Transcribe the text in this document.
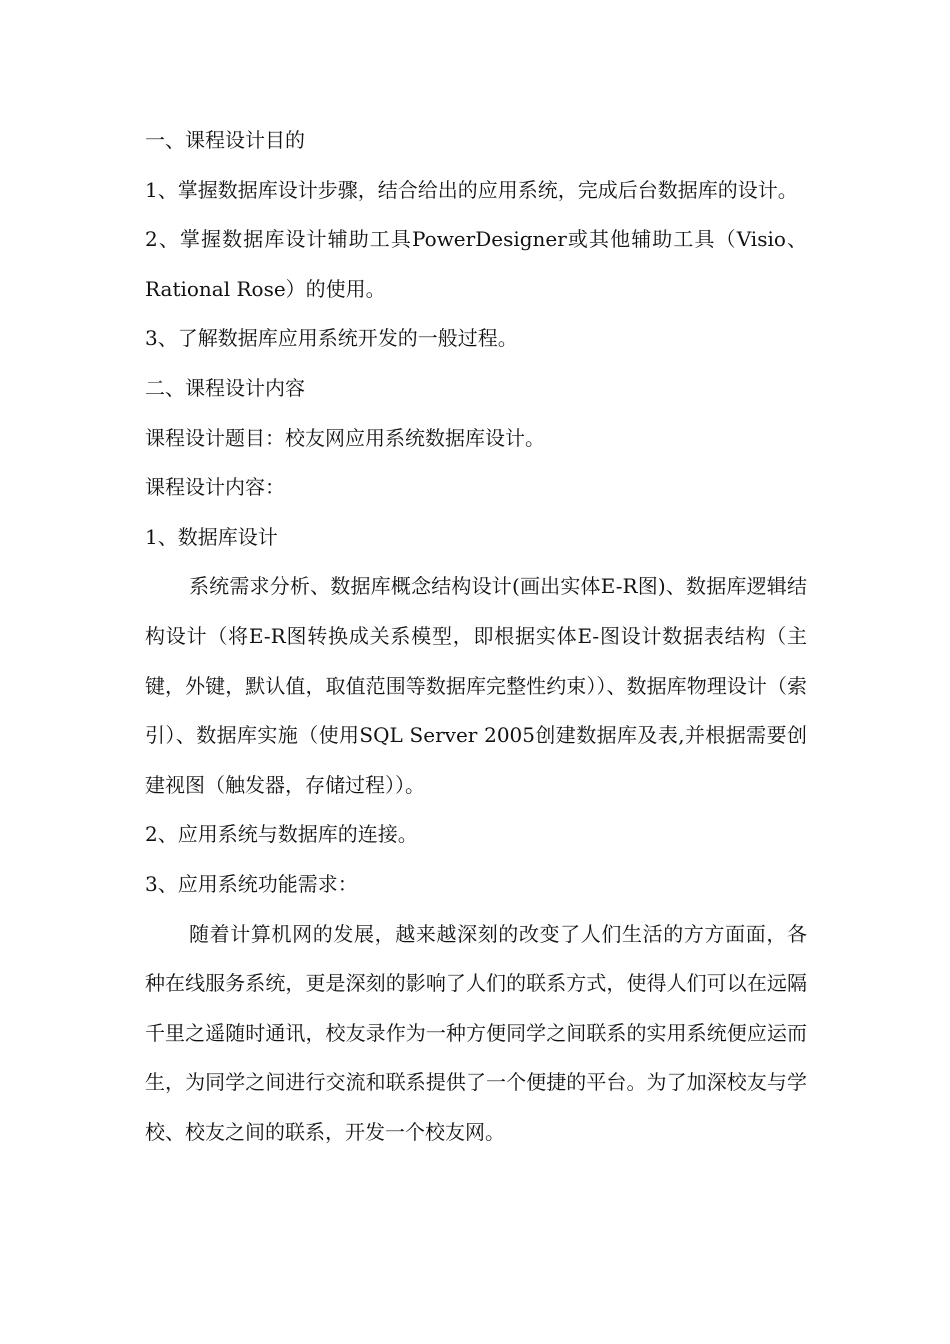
一、课程设计目的

1、掌握数据库设计步骤，结合给出的应用系统，完成后台数据库的设计。

2、掌握数据库设计辅助工具PowerDesigner或其他辅助工具（Visio、Rational Rose）的使用。

3、了解数据库应用系统开发的一般过程。

二、课程设计内容

课程设计题目：校友网应用系统数据库设计。

课程设计内容：

1、数据库设计

系统需求分析、数据库概念结构设计(画出实体E-R图)、数据库逻辑结构设计（将E-R图转换成关系模型，即根据实体E-图设计数据表结构（主键，外键，默认值，取值范围等数据库完整性约束））、数据库物理设计（索引）、数据库实施（使用SQL Server 2005创建数据库及表,并根据需要创建视图（触发器，存储过程））。

2、应用系统与数据库的连接。

3、应用系统功能需求：

随着计算机网的发展，越来越深刻的改变了人们生活的方方面面，各种在线服务系统，更是深刻的影响了人们的联系方式，使得人们可以在远隔千里之遥随时通讯，校友录作为一种方便同学之间联系的实用系统便应运而生，为同学之间进行交流和联系提供了一个便捷的平台。为了加深校友与学校、校友之间的联系，开发一个校友网。
